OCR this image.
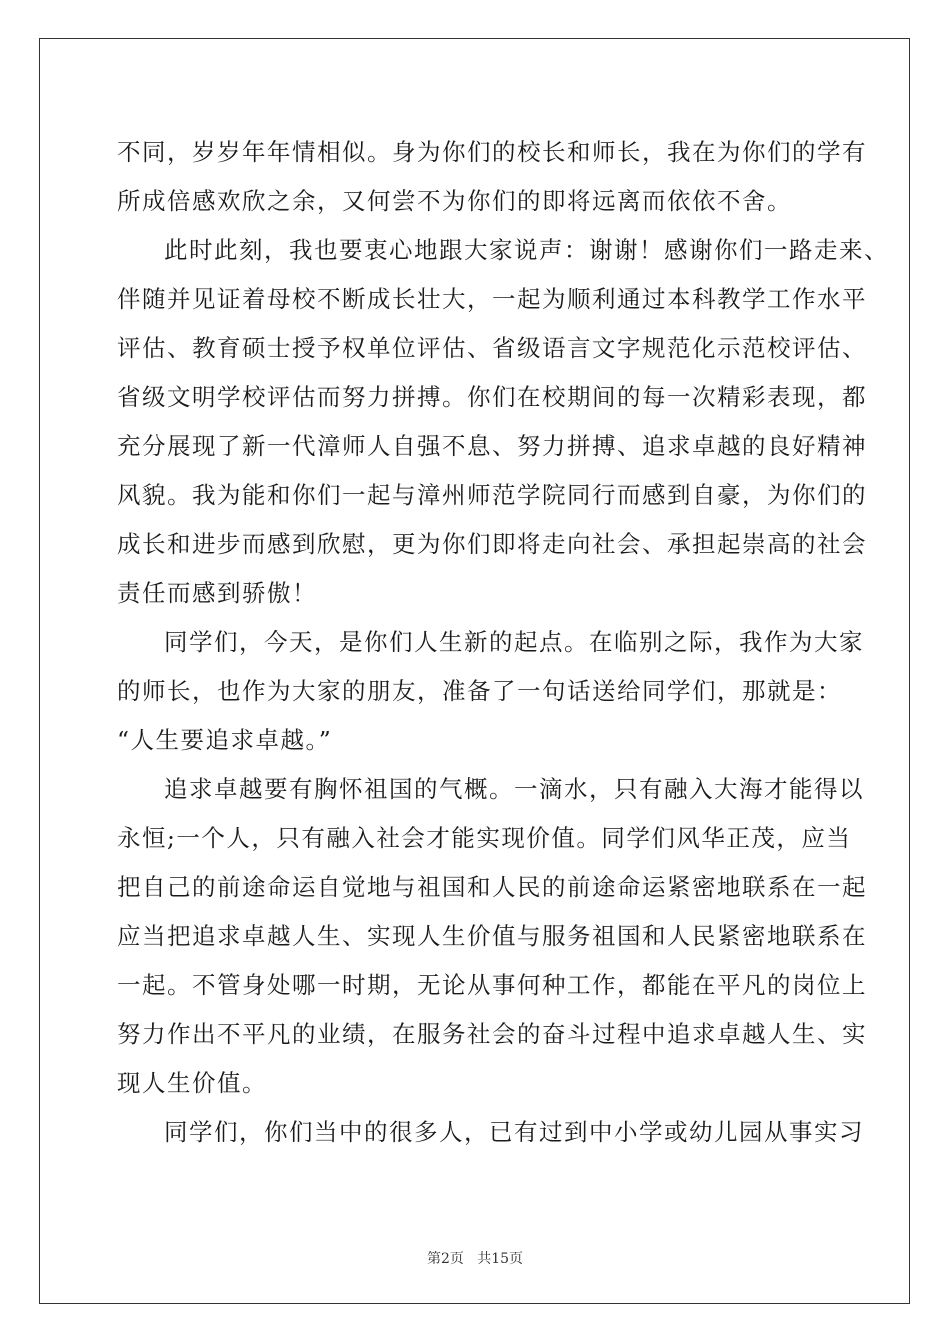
不同，岁岁年年情相似。身为你们的校长和师长，我在为你们的学有
所成倍感欢欣之余，又何尝不为你们的即将远离而依依不舍。
此时此刻，我也要衷心地跟大家说声：谢谢！感谢你们一路走来、
伴随并见证着母校不断成长壮大，一起为顺利通过本科教学工作水平
评估、教育硕士授予权单位评估、省级语言文字规范化示范校评估、
省级文明学校评估而努力拼搏。你们在校期间的每一次精彩表现，都
充分展现了新一代漳师人自强不息、努力拼搏、追求卓越的良好精神
风貌。我为能和你们一起与漳州师范学院同行而感到自豪，为你们的
成长和进步而感到欣慰，更为你们即将走向社会、承担起崇高的社会
责任而感到骄傲！
同学们，今天，是你们人生新的起点。在临别之际，我作为大家
的师长，也作为大家的朋友，准备了一句话送给同学们，那就是：
“人生要追求卓越。”
追求卓越要有胸怀祖国的气概。一滴水，只有融入大海才能得以
永恒;一个人，只有融入社会才能实现价值。同学们风华正茂，应当
把自己的前途命运自觉地与祖国和人民的前途命运紧密地联系在一起
应当把追求卓越人生、实现人生价值与服务祖国和人民紧密地联系在
一起。不管身处哪一时期，无论从事何种工作，都能在平凡的岗位上
努力作出不平凡的业绩，在服务社会的奋斗过程中追求卓越人生、实
现人生价值。
同学们，你们当中的很多人，已有过到中小学或幼儿园从事实习
第2页   共15页
